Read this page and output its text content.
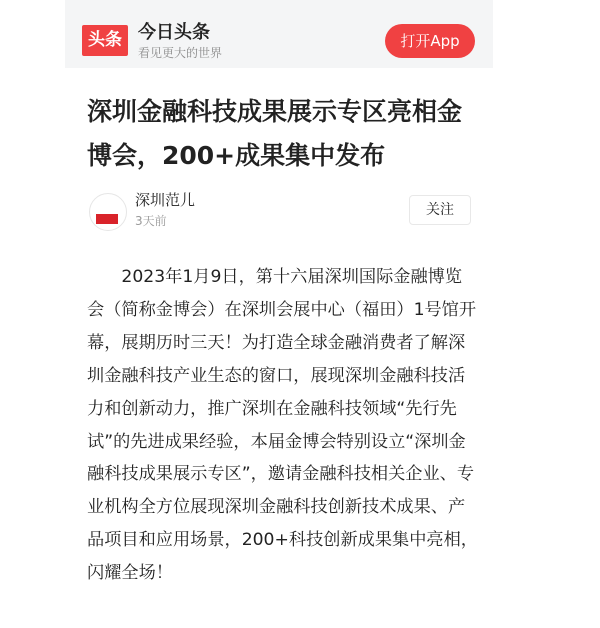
头条 今日头条
看见更大的世界
打开App
深圳金融科技成果展示专区亮相金博会，200+成果集中发布
深圳范儿
3天前
关注

2023年1月9日，第十六届深圳国际金融博览会（简称金博会）在深圳会展中心（福田）1号馆开幕，展期历时三天！为打造全球金融消费者了解深圳金融科技产业生态的窗口，展现深圳金融科技活力和创新动力，推广深圳在金融科技领域“先行先试”的先进成果经验，本届金博会特别设立“深圳金融科技成果展示专区”，邀请金融科技相关企业、专业机构全方位展现深圳金融科技创新技术成果、产品项目和应用场景，200+科技创新成果集中亮相，闪耀全场！
